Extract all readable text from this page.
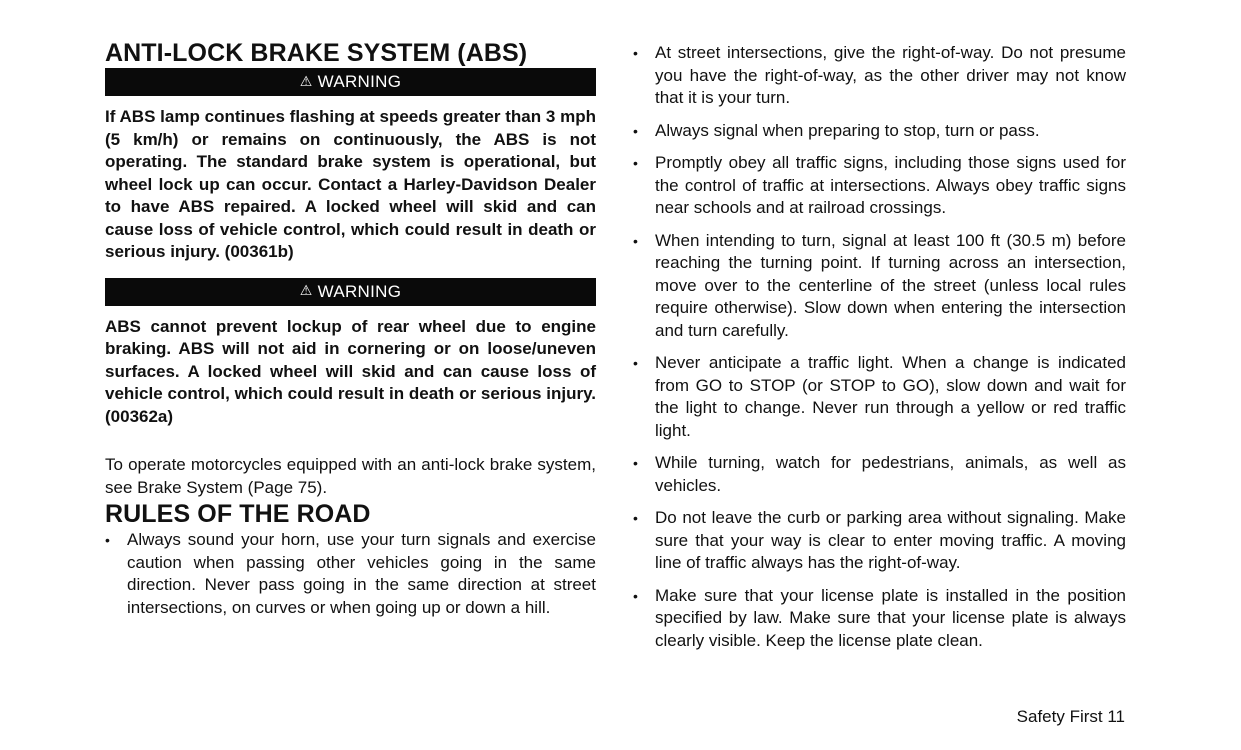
ANTI-LOCK BRAKE SYSTEM (ABS)
⚠ WARNING

If ABS lamp continues flashing at speeds greater than 3 mph (5 km/h) or remains on continuously, the ABS is not operating. The standard brake system is operational, but wheel lock up can occur. Contact a Harley-Davidson Dealer to have ABS repaired. A locked wheel will skid and can cause loss of vehicle control, which could result in death or serious injury. (00361b)

⚠ WARNING

ABS cannot prevent lockup of rear wheel due to engine braking. ABS will not aid in cornering or on loose/uneven surfaces. A locked wheel will skid and can cause loss of vehicle control, which could result in death or serious injury. (00362a)

To operate motorcycles equipped with an anti-lock brake system, see Brake System (Page 75).

RULES OF THE ROAD
• Always sound your horn, use your turn signals and exercise caution when passing other vehicles going in the same direction. Never pass going in the same direction at street intersections, on curves or when going up or down a hill.
• At street intersections, give the right-of-way. Do not presume you have the right-of-way, as the other driver may not know that it is your turn.
• Always signal when preparing to stop, turn or pass.
• Promptly obey all traffic signs, including those signs used for the control of traffic at intersections. Always obey traffic signs near schools and at railroad crossings.
• When intending to turn, signal at least 100 ft (30.5 m) before reaching the turning point. If turning across an intersection, move over to the centerline of the street (unless local rules require otherwise). Slow down when entering the intersection and turn carefully.
• Never anticipate a traffic light. When a change is indicated from GO to STOP (or STOP to GO), slow down and wait for the light to change. Never run through a yellow or red traffic light.
• While turning, watch for pedestrians, animals, as well as vehicles.
• Do not leave the curb or parking area without signaling. Make sure that your way is clear to enter moving traffic. A moving line of traffic always has the right-of-way.
• Make sure that your license plate is installed in the position specified by law. Make sure that your license plate is always clearly visible. Keep the license plate clean.
Safety First 11
